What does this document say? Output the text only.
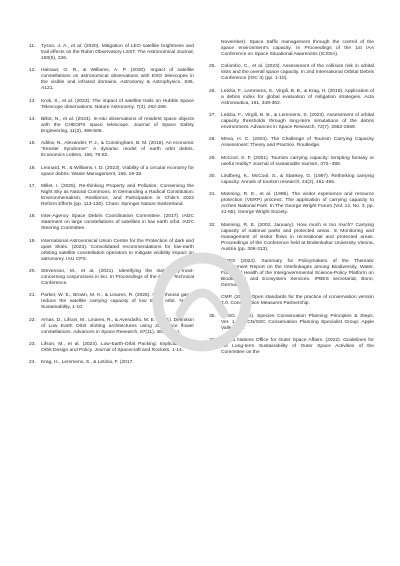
11.	Tyson, J. A., et al. (2020). Mitigation of LEO satellite brightness and trail effects on the Rubin Observatory LSST. The Astronomical Journal, 160(5), 226.
12.	Hainaut, O. R., & Williams, A. P. (2020). Impact of satellite constellations on astronomical observations with ESO telescopes in the visible and infrared domains. Astronomy & Astrophysics, 636, A121.
13.	Kruk, S., et al. (2023). The impact of satellite trails on Hubble Space Telescope observations. Nature Astronomy, 7(3), 262-268.
14.	Billot, N., et al. (2024). In-situ observations of resident space objects with the CHEOPS space telescope. Journal of Space Safety Engineering, 11(3), 498-506.
15.	Adilov, N., Alexander, P. J., & Cunningham, B. M. (2018). An economic “Kessler Syndrome”: A dynamic model of earth orbit debris. Economics Letters, 166, 79-82.
16.	Leonard, R., & Williams, I. D. (2023). Viability of a circular economy for space debris. Waste Management, 155, 19-28.
17.	Millet, I. (2025). Re-thinking Property and Pollution: Conserving the Night Sky as Natural Commons. In Demanding a Radical Constitution: Environmentalism, Resilience, and Participation in Chile’s 2022 Reform Efforts (pp. 113-130). Cham: Springer Nature Switzerland.
18.	Inter-Agency Space Debris Coordination Committee. (2017). IADC statement on large constellations of satellites in low earth orbit. IADC Steering Committee.
19.	International Astronomical Union Centre for the Protection of dark and quiet Skies. (2023). Consolidated recommendations for low-earth orbiting satellite constellation operators to mitigate visibility impact on astronomy. IAU CPS.
20.	Stevenson, M., et al. (2021). Identifying the statistically-most-concerning conjunctions in leo. In Proceedings of the AMOS Technical Conference.
21.	Parker, W. E., Brown, M. K., & Linares, R. (2025). Greenhouse gases reduce the satellite carrying capacity of low Earth orbit. Nature Sustainability, 1-10.
22.	Arnas, D., Lifson, M., Linares, R., & Avendaño, M. E. (2021). Definition of Low Earth Orbit slotting architectures using 2D lattice flower constellations. Advances in Space Research, 67(11), 3696-3711.
23.	Lifson, M., et al. (2024). Low-Earth-Orbit Packing: Implications for Orbit Design and Policy. Journal of Spacecraft and Rockets, 1-14.
24.	Krag, H., Lemmens, S., & Letizia, F. (2017.
November). Space traffic management through the control of the space environment’s capacity. In Proceedings of the 1st IAA Conference on Space Situational Awareness (ICSSA).
25.	Colombo, C., et al. (2023). Assessment of the collision risk in orbital slots and the overall space capacity. In 2nd International Orbital Debris Conference (IOC II) (pp. 1-10).
26.	Letizia, F., Lemmens, S., Virgili, B. B., & Krag, H. (2019). Application of a debris index for global evaluation of mitigation strategies. Acta Astronautica, 161, 348-362.
27.	Letizia, F., Virgili, B. B., & Lemmens, S. (2023). Assessment of orbital capacity thresholds through long-term simulations of the debris environment. Advances in Space Research, 72(7), 2552-2569.
28.	Mexa, H. C. (2004). The Challenge of Tourism Carrying Capacity Assessment: Theory and Practice. Routledge.
29.	McCool, S. F. (2001). Tourism carrying capacity: tempting fantasy or useful reality? Journal of sustainable tourism, 372--388.
30.	Lindberg, K., McCool, S., & Stankey, G. (1997). Rethinking carrying capacity. Annals of tourism research, 24(2), 461-465.
31.	Manning, R. E., et al. (1995). The visitor experience and resource protection (VERP) process: The application of carrying capacity to Arches National Park. In The George Wright Forum (Vol. 12, No. 3, pp. 41-55). George Wright Society.
32.	Manning, R. E. (2002, January). How much is too much? Carrying capacity of national parks and protected areas. In Monitoring and management of visitor flows in recreational and protected areas. Proceedings of the Conference held at Bodenkultur University Vienna, Austria (pp. 306-313).
33.	IPBES (2024). Summary for Policymakers of the Thematic Assessment Report on the Interlinkages among Biodiversity, Water, Food and Health of the Intergovernmental Science-Policy Platform on Biodiversity and Ecosystem Services. IPBES secretariat, Bonn, Germany.
34.	CMP. (2020). Open standards for the practice of conservation version 4.0. Conservation Measures Partnership.
35.	CPSG. (2020). Species Conservation Planning Principles & Steps, Ver. 1.0. IUCN/SSC Conservation Planning Specialist Group: Apple Valley, MN.
36.	United Nations Office for Outer Space Affairs. (2022). Guidelines for the Long-term Sustainability of Outer Space Activities of the Committee on the
